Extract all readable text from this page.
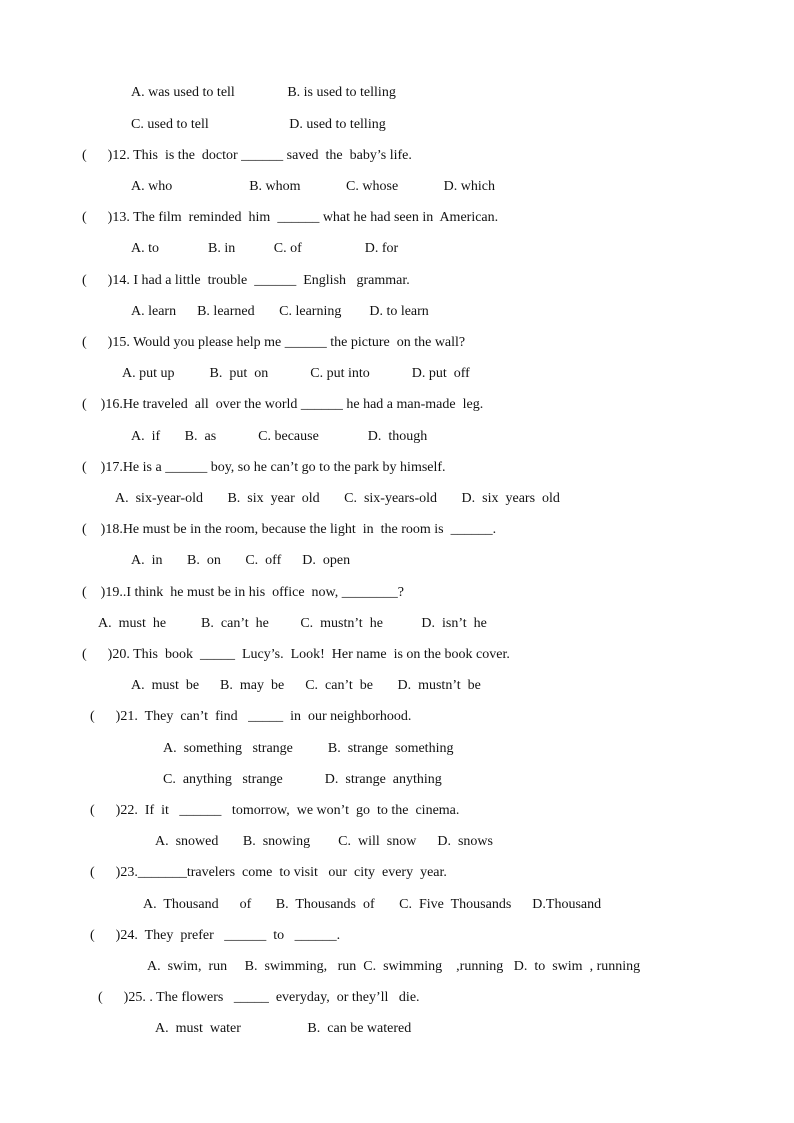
A. was used to tell               B. is used to telling
C. used to tell                       D. used to telling
(      )12. This  is the  doctor ______ saved  the  baby’s life.
A. who                      B. whom             C. whose             D. which
(      )13. The film  reminded  him  ______ what he had seen in  American.
A. to              B. in           C. of                  D. for
(      )14. I had a little  trouble  ______  English   grammar.
A. learn      B. learned       C. learning        D. to learn
(      )15. Would you please help me ______ the picture  on the wall?
A. put up          B.  put  on            C. put into            D. put  off
(    )16.He traveled  all  over the world ______ he had a man-made  leg.
A.  if       B.  as            C. because              D.  though
(    )17.He is a ______ boy, so he can’t go to the park by himself.
A.  six-year-old       B.  six  year  old       C.  six-years-old       D.  six  years  old
(    )18.He must be in the room, because the light  in  the room is  ______.
A.  in       B.  on       C.  off      D.  open
(    )19..I think  he must be in his  office  now, ________?
A.  must  he          B.  can’t  he         C.  mustn’t  he           D.  isn’t  he
(      )20. This  book  _____  Lucy’s.  Look!  Her name  is on the book cover.
A.  must  be      B.  may  be      C.  can’t  be       D.  mustn’t  be
(      )21.  They  can’t  find   _____  in  our neighborhood.
A.  something   strange          B.  strange  something
C.  anything   strange            D.  strange  anything
(      )22.  If  it   ______   tomorrow,  we won’t  go  to the  cinema.
A.  snowed       B.  snowing        C.  will  snow      D.  snows
(      )23._______travelers  come  to visit   our  city  every  year.
A.  Thousand      of       B.  Thousands  of       C.  Five  Thousands      D.Thousand
(      )24.  They  prefer   ______  to   ______.
A.  swim,  run     B.  swimming,   run  C.  swimming    ,running   D.  to  swim  , running
(      )25. . The flowers   _____  everyday,  or they’ll   die.
A.  must  water                   B.  can be watered
